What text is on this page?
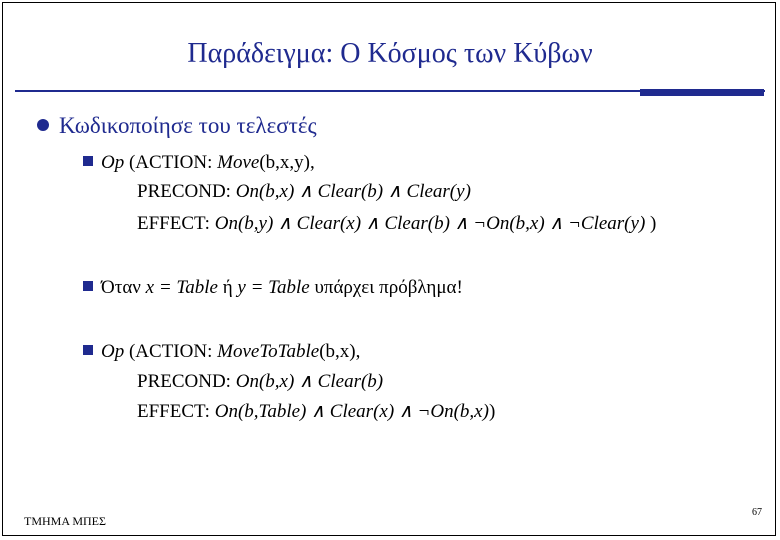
Παράδειγμα: Ο Κόσμος των Κύβων
Κωδικοποίησε του τελεστές
Op (ACTION: Move(b,x,y),
PRECOND: On(b,x) ∧ Clear(b) ∧ Clear(y)
EFFECT: On(b,y) ∧ Clear(x) ∧ Clear(b) ∧ ¬On(b,x) ∧ ¬Clear(y) )
Όταν x = Table ή y = Table υπάρχει πρόβλημα!
Op (ACTION: MoveToTable(b,x),
PRECOND: On(b,x) ∧ Clear(b)
EFFECT: On(b,Table) ∧ Clear(x) ∧ ¬On(b,x))
ΤΜΗΜΑ ΜΠΕΣ
67
